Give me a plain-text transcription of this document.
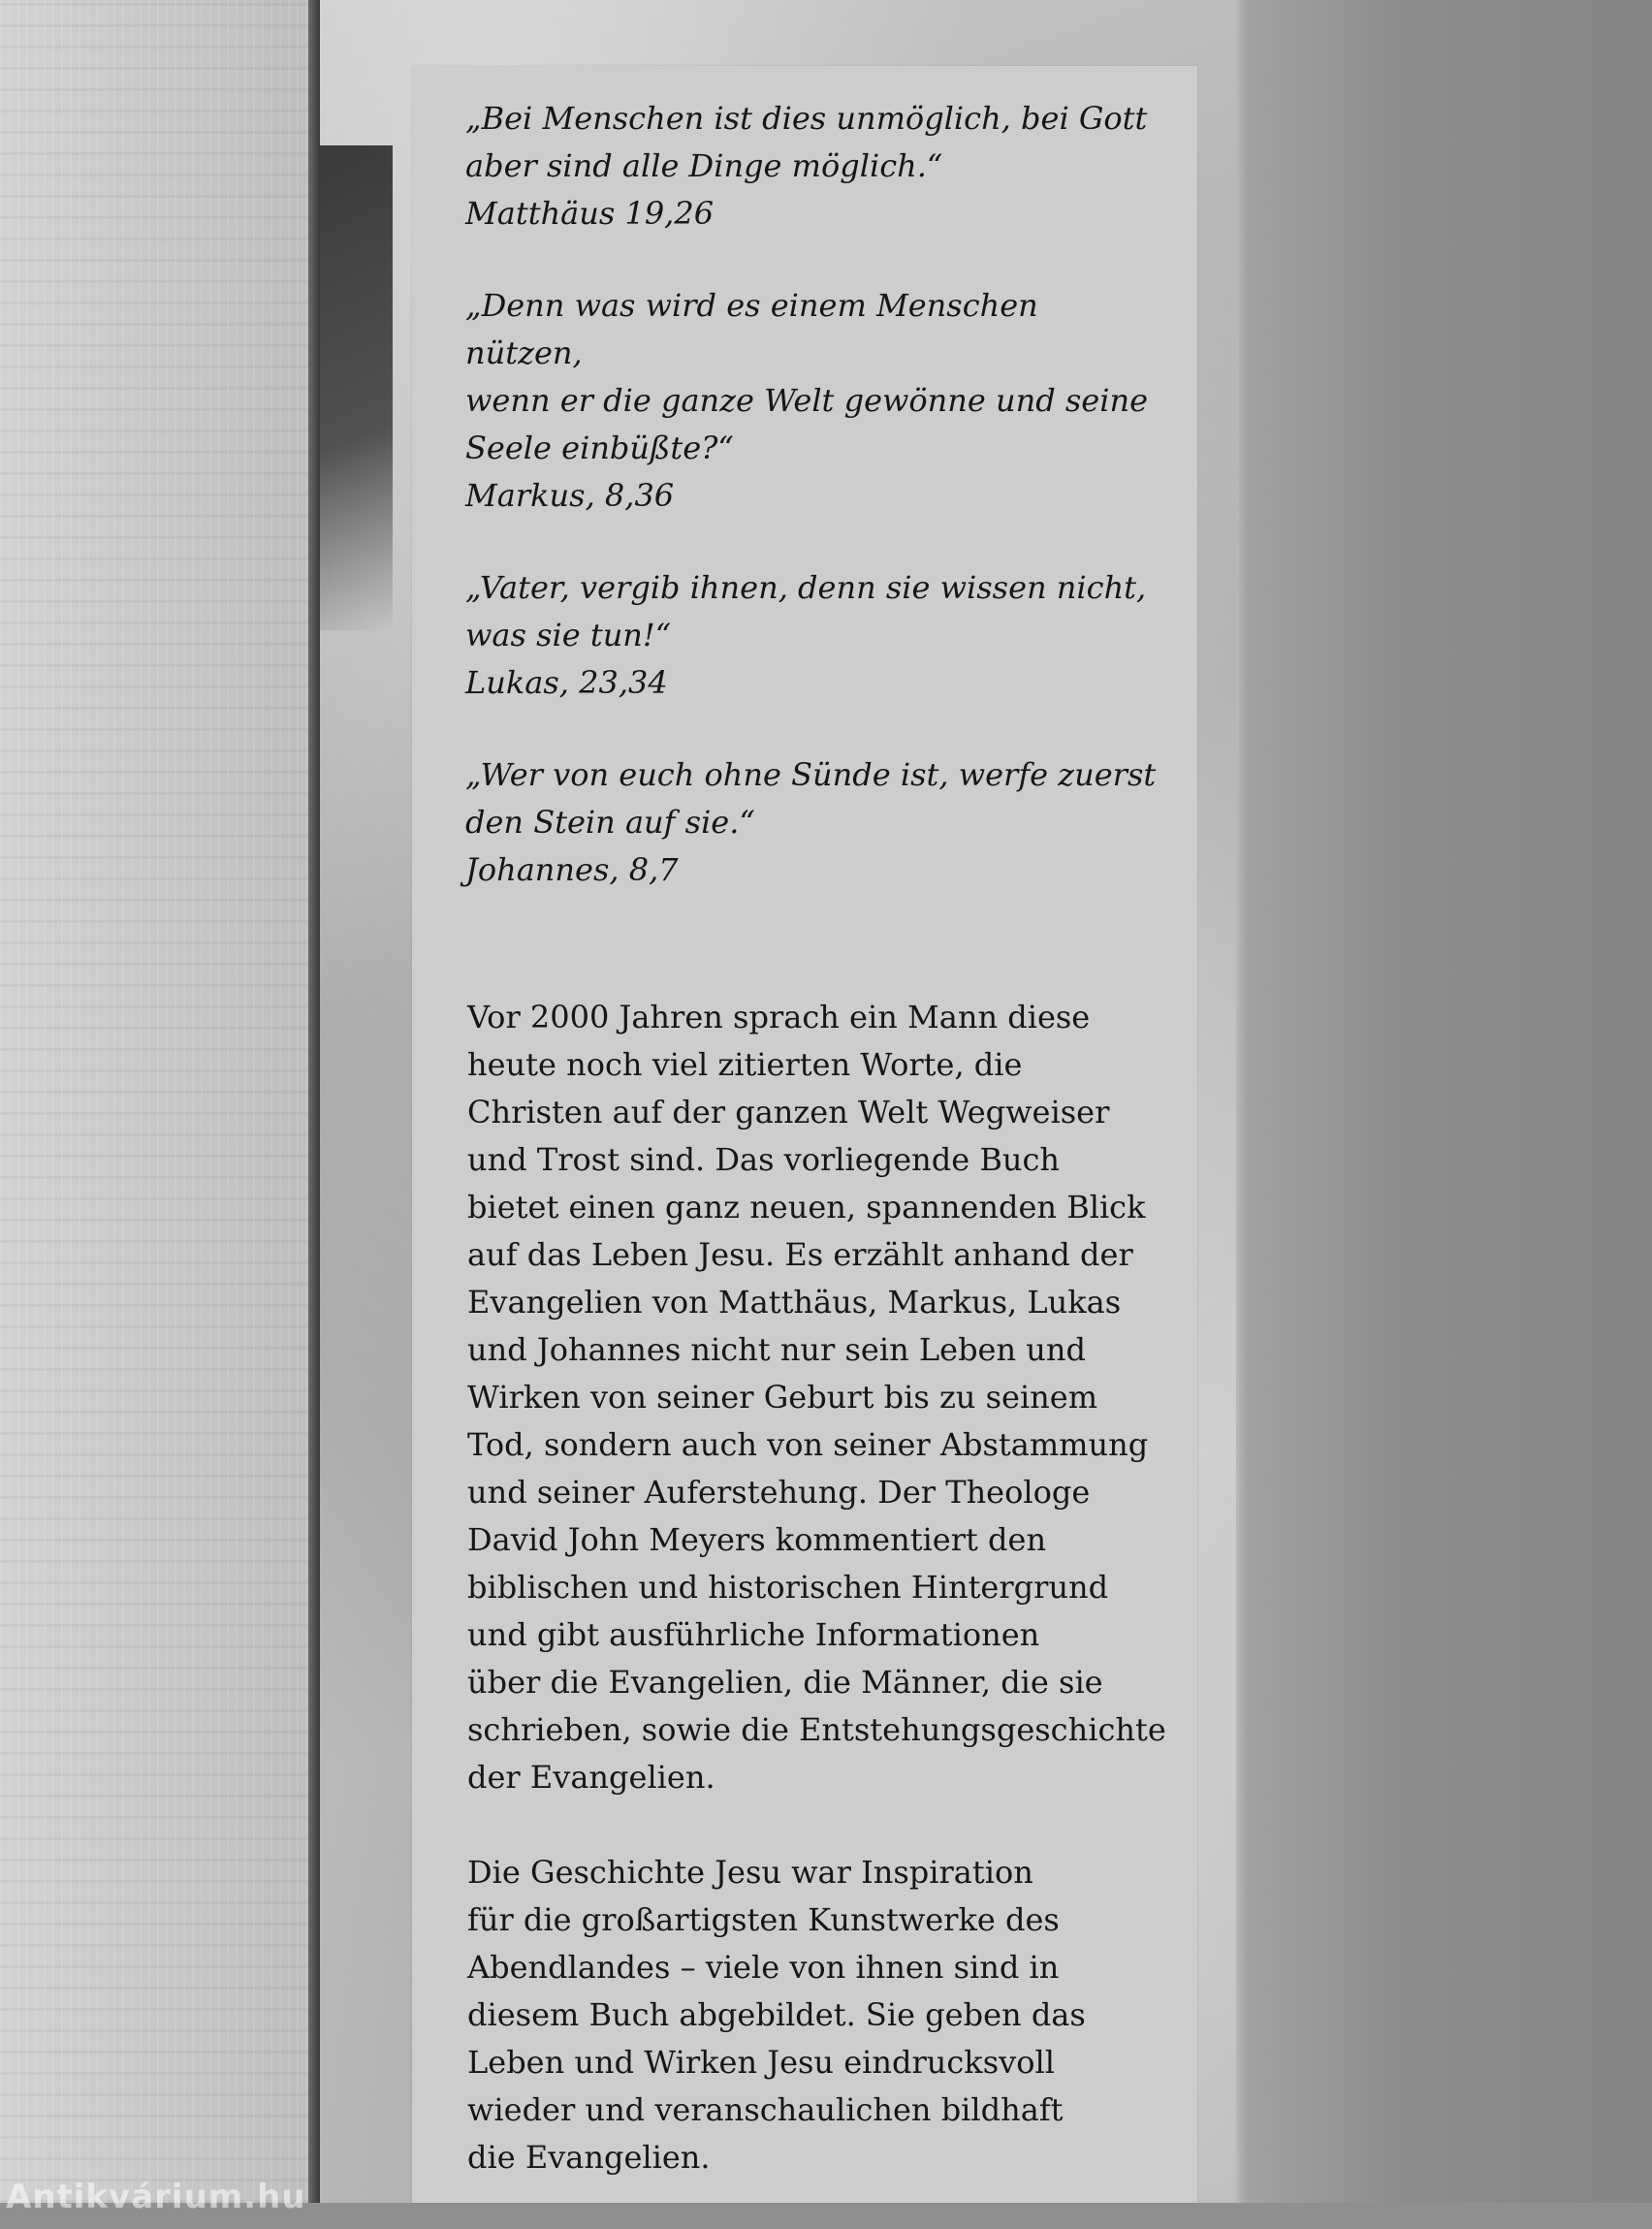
„Bei Menschen ist dies unmöglich, bei Gott
aber sind alle Dinge möglich.“
Matthäus 19,26
„Denn was wird es einem Menschen nützen,
wenn er die ganze Welt gewönne und seine
Seele einbüßte?“
Markus, 8,36
„Vater, vergib ihnen, denn sie wissen nicht,
was sie tun!“
Lukas, 23,34
„Wer von euch ohne Sünde ist, werfe zuerst
den Stein auf sie.“
Johannes, 8,7

Vor 2000 Jahren sprach ein Mann diese
heute noch viel zitierten Worte, die
Christen auf der ganzen Welt Wegweiser
und Trost sind. Das vorliegende Buch
bietet einen ganz neuen, spannenden Blick
auf das Leben Jesu. Es erzählt anhand der
Evangelien von Matthäus, Markus, Lukas
und Johannes nicht nur sein Leben und
Wirken von seiner Geburt bis zu seinem
Tod, sondern auch von seiner Abstammung
und seiner Auferstehung. Der Theologe
David John Meyers kommentiert den
biblischen und historischen Hintergrund
und gibt ausführliche Informationen
über die Evangelien, die Männer, die sie
schrieben, sowie die Entstehungsgeschichte
der Evangelien.

Die Geschichte Jesu war Inspiration
für die großartigsten Kunstwerke des
Abendlandes – viele von ihnen sind in
diesem Buch abgebildet. Sie geben das
Leben und Wirken Jesu eindrucksvoll
wieder und veranschaulichen bildhaft
die Evangelien.

Antikvárium.hu
